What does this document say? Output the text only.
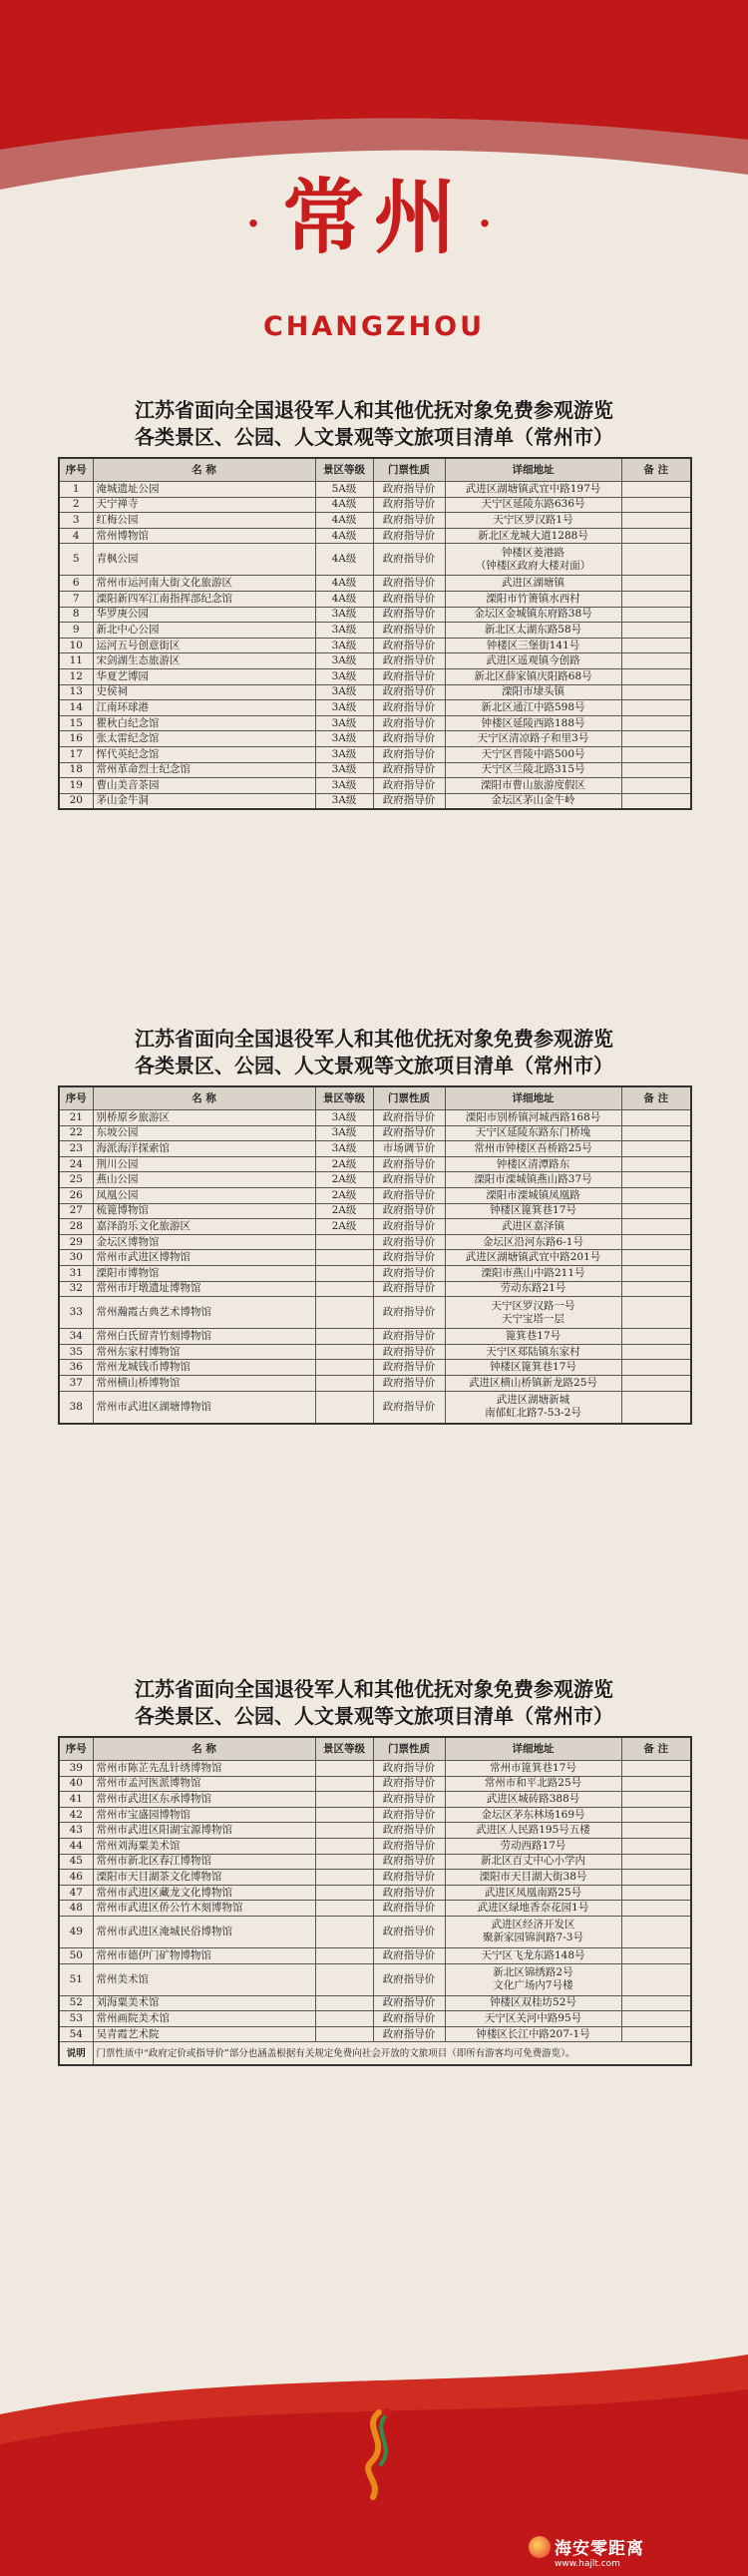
· 常州 ·
CHANGZHOU
江苏省面向全国退役军人和其他优抚对象免费参观游览
各类景区、公园、人文景观等文旅项目清单（常州市）
序号	名 称	景区等级	门票性质	详细地址	备 注
1	淹城遗址公园	5A级	政府指导价	武进区湖塘镇武宜中路197号	

2	天宁禅寺	4A级	政府指导价	天宁区延陵东路636号	

3	红梅公园	4A级	政府指导价	天宁区罗汉路1号	

4	常州博物馆	4A级	政府指导价	新北区龙城大道1288号	

5	青枫公园	4A级	政府指导价	钟楼区菱港路
（钟楼区政府大楼对面）	

6	常州市运河南大街文化旅游区	4A级	政府指导价	武进区湖塘镇	

7	溧阳新四军江南指挥部纪念馆	4A级	政府指导价	溧阳市竹箦镇水西村	

8	华罗庚公园	3A级	政府指导价	金坛区金城镇东府路38号	

9	新北中心公园	3A级	政府指导价	新北区太湖东路58号	

10	运河五号创意街区	3A级	政府指导价	钟楼区三堡街141号	

11	宋剑湖生态旅游区	3A级	政府指导价	武进区遥观镇今创路	

12	华夏艺博园	3A级	政府指导价	新北区薛家镇庆阳路68号	

13	史侯祠	3A级	政府指导价	溧阳市埭头镇	

14	江南环球港	3A级	政府指导价	新北区通江中路598号	

15	瞿秋白纪念馆	3A级	政府指导价	钟楼区延陵西路188号	

16	张太雷纪念馆	3A级	政府指导价	天宁区清凉路子和里3号	

17	恽代英纪念馆	3A级	政府指导价	天宁区晋陵中路500号	

18	常州革命烈士纪念馆	3A级	政府指导价	天宁区兰陵北路315号	

19	曹山美音茶园	3A级	政府指导价	溧阳市曹山旅游度假区	

20	茅山金牛洞	3A级	政府指导价	金坛区茅山金牛岭	

江苏省面向全国退役军人和其他优抚对象免费参观游览
各类景区、公园、人文景观等文旅项目清单（常州市）
序号	名 称	景区等级	门票性质	详细地址	备 注
21	别桥原乡旅游区	3A级	政府指导价	溧阳市别桥镇河城西路168号	

22	东坡公园	3A级	政府指导价	天宁区延陵东路东门桥堍	

23	海派海洋探索馆	3A级	市场调节价	常州市钟楼区吾桥路25号	

24	荆川公园	2A级	政府指导价	钟楼区清潭路东	

25	燕山公园	2A级	政府指导价	溧阳市溧城镇燕山路37号	

26	凤凰公园	2A级	政府指导价	溧阳市溧城镇凤凰路	

27	梳篦博物馆	2A级	政府指导价	钟楼区篦箕巷17号	

28	嘉泽韵乐文化旅游区	2A级	政府指导价	武进区嘉泽镇	

29	金坛区博物馆		政府指导价	金坛区沿河东路6-1号	

30	常州市武进区博物馆		政府指导价	武进区湖塘镇武宜中路201号	

31	溧阳市博物馆		政府指导价	溧阳市燕山中路211号	

32	常州市圩墩遗址博物馆		政府指导价	劳动东路21号	

33	常州瀚霞古典艺术博物馆		政府指导价	天宁区罗汉路一号
天宁宝塔一层	

34	常州白氏留青竹刻博物馆		政府指导价	篦箕巷17号	

35	常州东家村博物馆		政府指导价	天宁区郑陆镇东家村	

36	常州龙城钱币博物馆		政府指导价	钟楼区篦箕巷17号	

37	常州横山桥博物馆		政府指导价	武进区横山桥镇新龙路25号	

38	常州市武进区湖塘博物馆		政府指导价	武进区湖塘新城
南郁虹北路7-53-2号	

江苏省面向全国退役军人和其他优抚对象免费参观游览
各类景区、公园、人文景观等文旅项目清单（常州市）
序号	名 称	景区等级	门票性质	详细地址	备 注
39	常州市陈芷先乱针绣博物馆		政府指导价	常州市篦箕巷17号	

40	常州市孟河医派博物馆		政府指导价	常州市和平北路25号	

41	常州市武进区东承博物馆		政府指导价	武进区城砖路388号	

42	常州市宝盛园博物馆		政府指导价	金坛区茅东林场169号	

43	常州市武进区阳湖宝源博物馆		政府指导价	武进区人民路195号五楼	

44	常州刘海粟美术馆		政府指导价	劳动西路17号	

45	常州市新北区春江博物馆		政府指导价	新北区百丈中心小学内	

46	溧阳市天目湖茶文化博物馆		政府指导价	溧阳市天目湖大街38号	

47	常州市武进区藏龙文化博物馆		政府指导价	武进区凤凰南路25号	

48	常州市武进区侨公竹木刻博物馆		政府指导价	武进区绿地香奈花园1号	

49	常州市武进区淹城民俗博物馆		政府指导价	武进区经济开发区
聚新家园锦润路7-3号	

50	常州市德伊门矿物博物馆		政府指导价	天宁区飞龙东路148号	

51	常州美术馆		政府指导价	新北区锦绣路2号
文化广场内7号楼	

52	刘海粟美术馆		政府指导价	钟楼区双桂坊52号	

53	常州画院美术馆		政府指导价	天宁区关河中路95号	

54	吴青霞艺术院		政府指导价	钟楼区长江中路207-1号	

说明	门票性质中“政府定价或指导价”部分也涵盖根据有关规定免费向社会开放的文旅项目（即所有游客均可免费游览）。				
海安零距离
www.hajlt.com
